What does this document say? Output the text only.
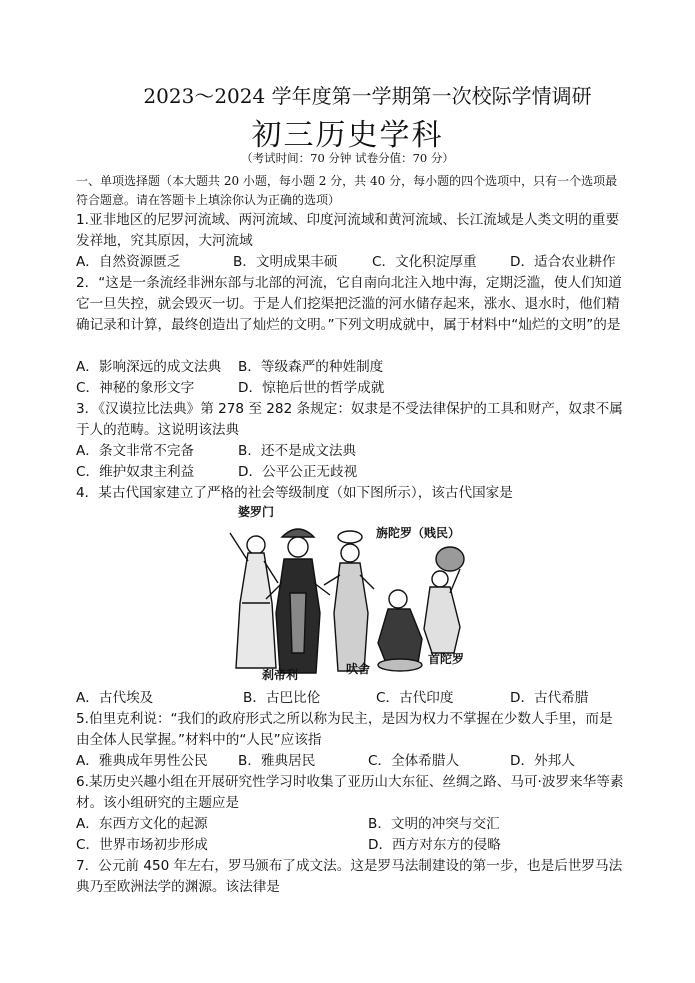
2023～2024 学年度第一学期第一次校际学情调研
初三历史学科
（考试时间：70 分钟 试卷分值：70 分）
一、单项选择题（本大题共 20 小题，每小题 2 分，共 40 分，每小题的四个选项中，只有一个选项最符合题意。请在答题卡上填涂你认为正确的选项）
1.亚非地区的尼罗河流域、两河流域、印度河流域和黄河流域、长江流域是人类文明的重要发祥地，究其原因，大河流域
A．自然资源匮乏	B．文明成果丰硕	C．文化积淀厚重 D．适合农业耕作
2．“这是一条流经非洲东部与北部的河流，它自南向北注入地中海，定期泛滥，使人们知道它一旦失控，就会毁灭一切。于是人们挖渠把泛滥的河水储存起来，涨水、退水时，他们精确记录和计算，最终创造出了灿烂的文明。”下列文明成就中，属于材料中“灿烂的文明”的是
A．影响深远的成文法典 B．等级森严的种姓制度
C．神秘的象形文字	D．惊艳后世的哲学成就
3．《汉谟拉比法典》第 278 至 282 条规定：奴隶是不受法律保护的工具和财产，奴隶不属于人的范畴。这说明该法典
A．条文非常不完备	B．还不是成文法典
C．维护奴隶主利益	D．公平公正无歧视
4．某古代国家建立了严格的社会等级制度（如下图所示），该古代国家是
婆罗门
旃陀罗（贱民）
刹帝利	吠舍
首陀罗
A．古代埃及	B．古巴比伦	C．古代印度	D．古代希腊
5.伯里克利说：“我们的政府形式之所以称为民主，是因为权力不掌握在少数人手里，而是由全体人民掌握。”材料中的“人民”应该指
A．雅典成年男性公民 B．雅典居民	C．全体希腊人	D．外邦人
6.某历史兴趣小组在开展研究性学习时收集了亚历山大东征、丝绸之路、马可·波罗来华等素材。该小组研究的主题应是
A．东西方文化的起源	B．文明的冲突与交汇
C．世界市场初步形成	D．西方对东方的侵略
7．公元前 450 年左右，罗马颁布了成文法。这是罗马法制建设的第一步，也是后世罗马法典乃至欧洲法学的渊源。该法律是
